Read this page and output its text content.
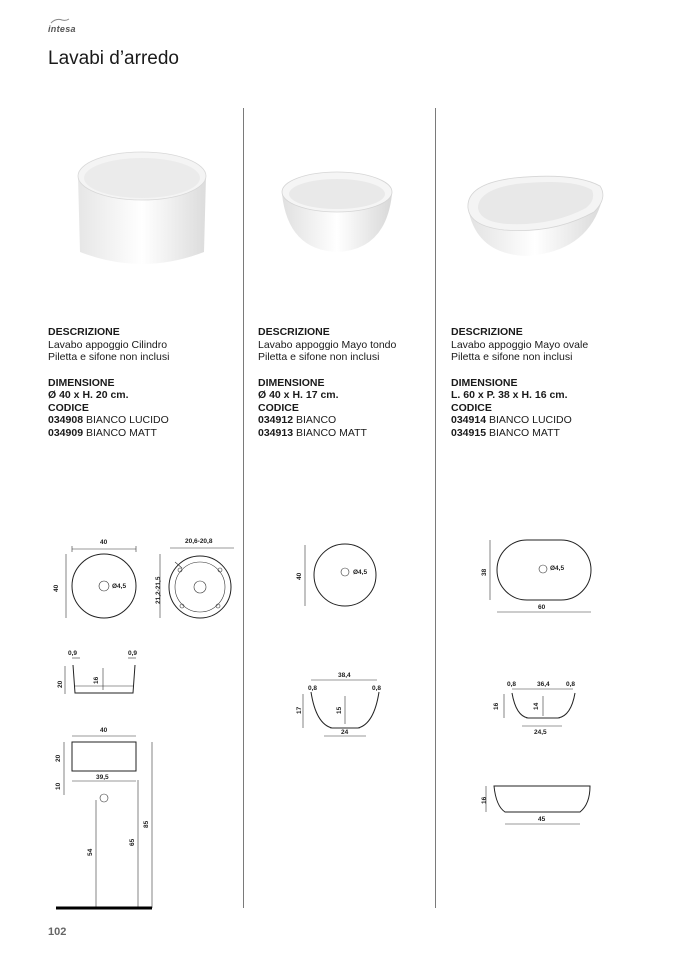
intesa
Lavabi d’arredo
DESCRIZIONE
Lavabo appoggio Cilindro
Piletta e sifone non inclusi
DIMENSIONE
Ø 40 x H. 20 cm.
CODICE
034908 BIANCO LUCIDO
034909 BIANCO MATT
DESCRIZIONE
Lavabo appoggio Mayo tondo
Piletta e sifone non inclusi
DIMENSIONE
Ø 40 x H. 17 cm.
CODICE
034912 BIANCO
034913 BIANCO MATT
DESCRIZIONE
Lavabo appoggio Mayo ovale
Piletta e sifone non inclusi
DIMENSIONE
L. 60 x P. 38 x H. 16 cm.
CODICE
034914 BIANCO LUCIDO
034915 BIANCO MATT
40
40	Ø4,5
20,6-20,8
21,2-21,5
0,9	0,9
20
16
40
20
10
39,5
54
65
85
40
Ø4,5
38,4
0,8	0,8
17	15
24
38
Ø4,5
60
0,8	36,4	0,8
16	14
24,5
16
45
102
